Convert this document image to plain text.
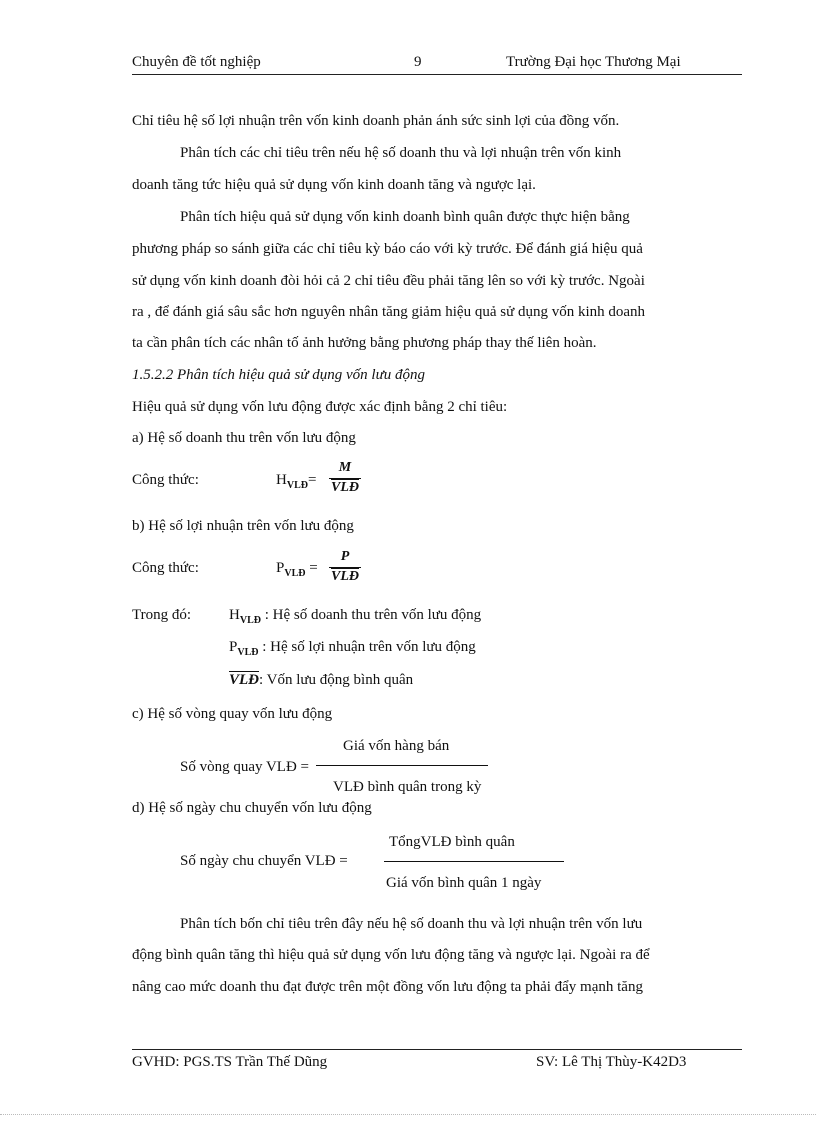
Chuyên đề tốt nghiệp	9	Trường Đại học Thương Mại
Chỉ tiêu hệ số lợi nhuận trên vốn kinh doanh phản ánh sức sinh lợi của đồng vốn.
Phân tích các chỉ tiêu trên nếu hệ số doanh thu và lợi nhuận trên vốn kinh
doanh tăng tức hiệu quả sử dụng vốn kinh doanh tăng và ngược lại.
Phân tích hiệu quả sử dụng vốn kinh doanh bình quân được thực hiện bằng
phương pháp so sánh giữa các chỉ tiêu kỳ báo cáo với kỳ trước. Để đánh giá hiệu quả
sử dụng vốn kinh doanh đòi hỏi cả 2 chỉ tiêu đều phải tăng lên so với kỳ trước. Ngoài
ra , để đánh giá sâu sắc hơn nguyên nhân tăng giảm hiệu quả sử dụng vốn kinh doanh
ta cần phân tích các nhân tố ảnh hưởng bằng phương pháp thay thế liên hoàn.
1.5.2.2 Phân tích hiệu quả sử dụng vốn lưu động
Hiệu quả sử dụng vốn lưu động được xác định bằng 2 chỉ tiêu:
a) Hệ số doanh thu trên vốn lưu động
Công thức:	$H_{VLĐ}=$
M
$\overline{VLĐ}$
b) Hệ số lợi nhuận trên vốn lưu động
Công thức:	$P_{VLĐ}$ =
P
$\overline{VLĐ}$
Trong đó:	$H_{VLĐ}$ : Hệ số doanh thu trên vốn lưu động
$P_{VLĐ}$ : Hệ số lợi nhuận trên vốn lưu động
$\overline{VLĐ}$: Vốn lưu động bình quân
c) Hệ số vòng quay vốn lưu động
Giá vốn hàng bán
Số vòng quay VLĐ =
VLĐ bình quân trong kỳ
d) Hệ số ngày chu chuyển vốn lưu động
TổngVLĐ bình quân
Số ngày chu chuyển VLĐ =
Giá vốn bình quân 1 ngày
Phân tích bốn chỉ tiêu trên đây nếu hệ số doanh thu và lợi nhuận trên vốn lưu
động bình quân tăng thì hiệu quả sử dụng vốn lưu động tăng và ngược lại. Ngoài ra để
nâng cao mức doanh thu đạt được trên một đồng vốn lưu động ta phải đẩy mạnh tăng
GVHD: PGS.TS Trần Thế Dũng	SV: Lê Thị Thùy-K42D3
